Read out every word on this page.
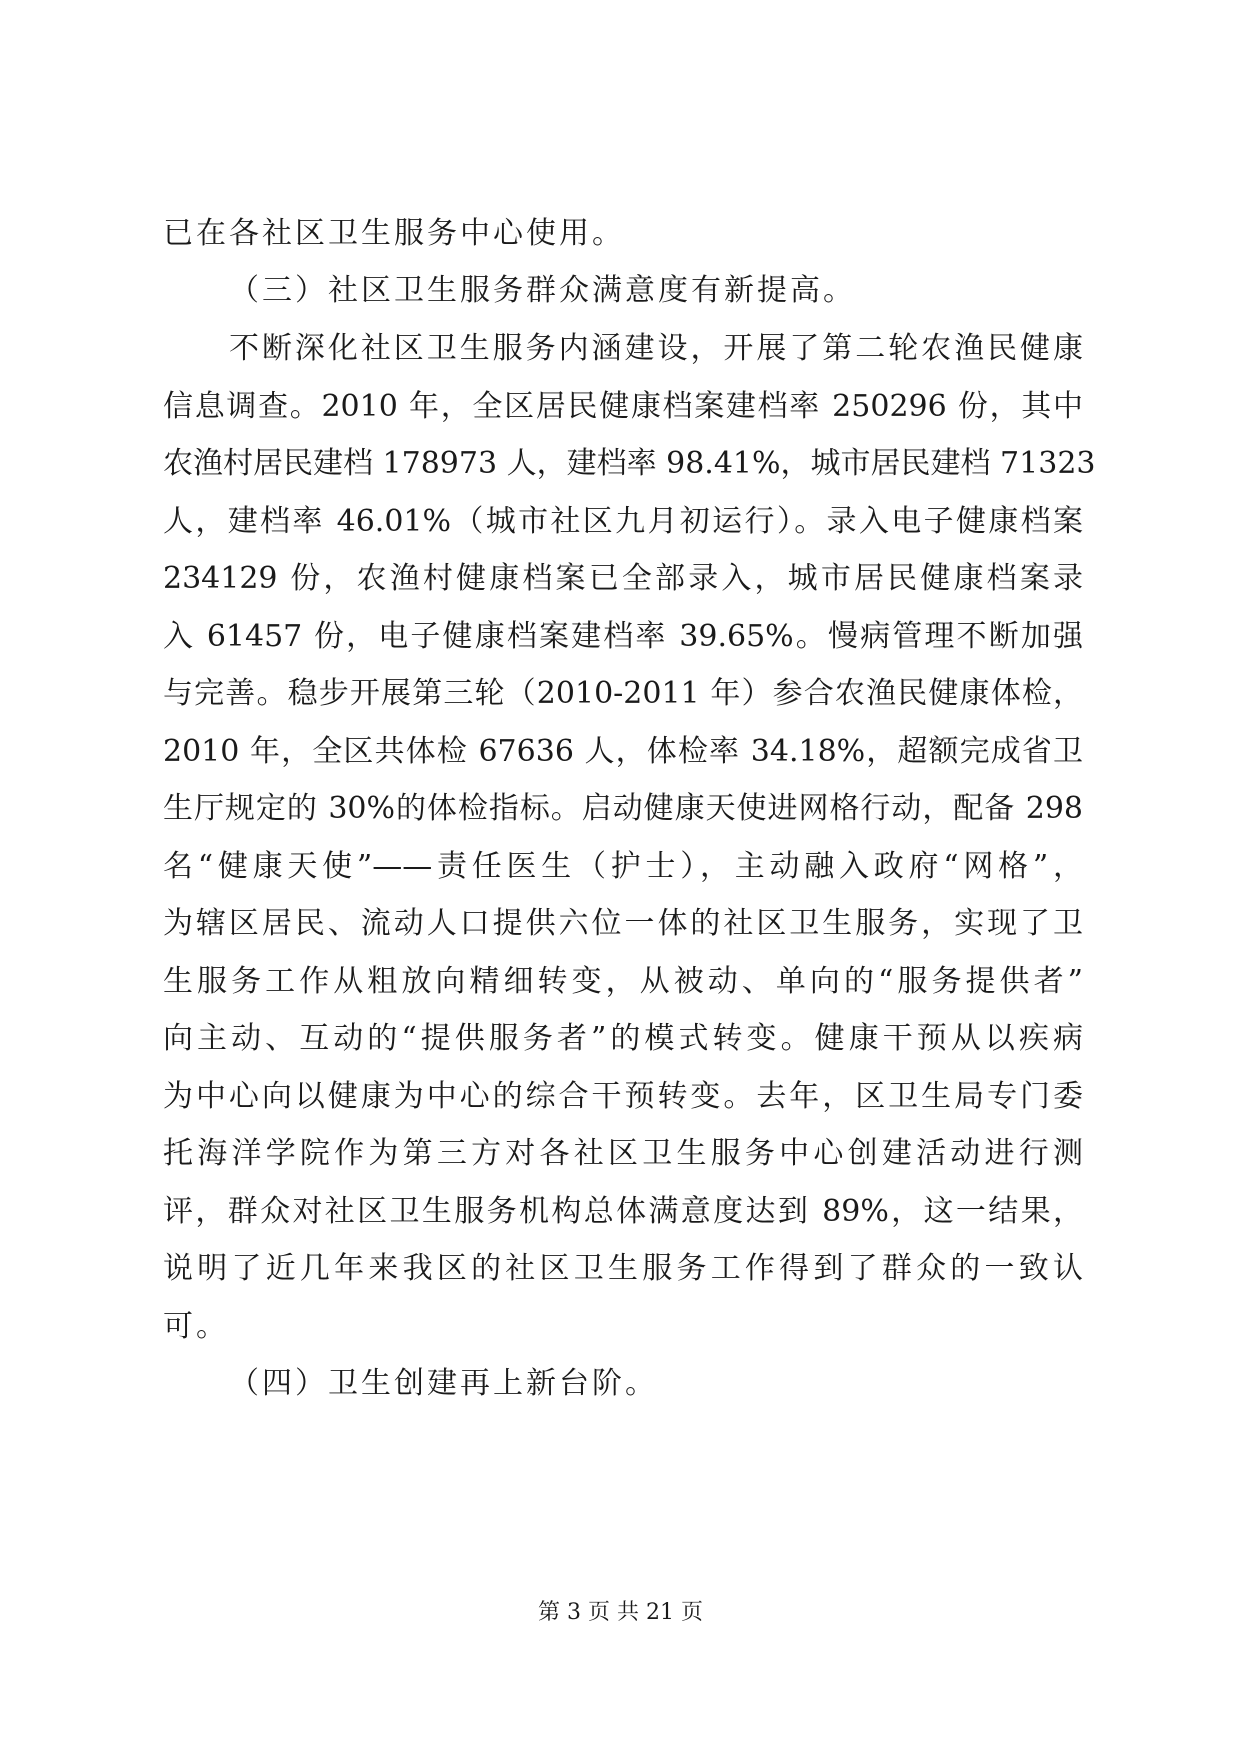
已在各社区卫生服务中心使用。
（三）社区卫生服务群众满意度有新提高。
不断深化社区卫生服务内涵建设，开展了第二轮农渔民健康
信息调查。2010 年，全区居民健康档案建档率 250296 份，其中
农渔村居民建档 178973 人，建档率 98.41%，城市居民建档 71323
人，建档率 46.01%（城市社区九月初运行）。录入电子健康档案
234129 份，农渔村健康档案已全部录入，城市居民健康档案录
入 61457 份，电子健康档案建档率 39.65%。慢病管理不断加强
与完善。稳步开展第三轮（2010-2011 年）参合农渔民健康体检，
2010 年，全区共体检 67636 人，体检率 34.18%，超额完成省卫
生厅规定的 30%的体检指标。启动健康天使进网格行动，配备 298
名“健康天使”——责任医生（护士），主动融入政府“网格”，
为辖区居民、流动人口提供六位一体的社区卫生服务，实现了卫
生服务工作从粗放向精细转变，从被动、单向的“服务提供者”
向主动、互动的“提供服务者”的模式转变。健康干预从以疾病
为中心向以健康为中心的综合干预转变。去年，区卫生局专门委
托海洋学院作为第三方对各社区卫生服务中心创建活动进行测
评，群众对社区卫生服务机构总体满意度达到 89%，这一结果，
说明了近几年来我区的社区卫生服务工作得到了群众的一致认
可。
（四）卫生创建再上新台阶。
第 3 页 共 21 页
